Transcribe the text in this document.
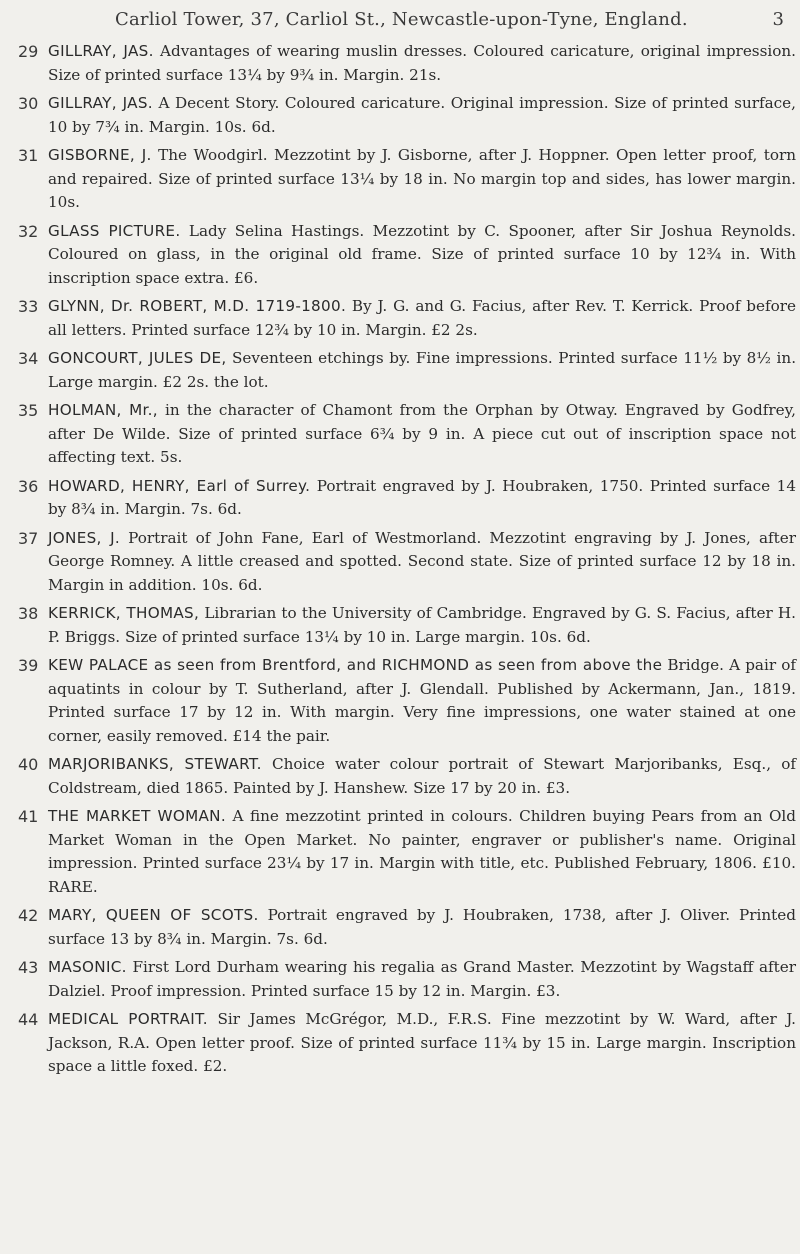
Carliol Tower, 37, Carliol St., Newcastle-upon-Tyne, England.	3
29 GILLRAY, JAS. Advantages of wearing muslin dresses. Coloured caricature, original impression. Size of printed surface 13¼ by 9¾ in. Margin. 21s.
30 GILLRAY, JAS. A Decent Story. Coloured caricature. Original impression. Size of printed surface, 10 by 7¾ in. Margin. 10s. 6d.
31 GISBORNE, J. The Woodgirl. Mezzotint by J. Gisborne, after J. Hoppner. Open letter proof, torn and repaired. Size of printed surface 13¼ by 18 in. No margin top and sides, has lower margin. 10s.
32 GLASS PICTURE. Lady Selina Hastings. Mezzotint by C. Spooner, after Sir Joshua Reynolds. Coloured on glass, in the original old frame. Size of printed surface 10 by 12¾ in. With inscription space extra. £6.
33 GLYNN, Dr. ROBERT, M.D. 1719-1800. By J. G. and G. Facius, after Rev. T. Kerrick. Proof before all letters. Printed surface 12¾ by 10 in. Margin. £2 2s.
34 GONCOURT, JULES DE, Seventeen etchings by. Fine impressions. Printed surface 11½ by 8½ in. Large margin. £2 2s. the lot.
35 HOLMAN, Mr., in the character of Chamont from the Orphan by Otway. Engraved by Godfrey, after De Wilde. Size of printed surface 6¾ by 9 in. A piece cut out of inscription space not affecting text. 5s.
36 HOWARD, HENRY, Earl of Surrey. Portrait engraved by J. Houbraken, 1750. Printed surface 14 by 8¾ in. Margin. 7s. 6d.
37 JONES, J. Portrait of John Fane, Earl of Westmorland. Mezzotint engraving by J. Jones, after George Romney. A little creased and spotted. Second state. Size of printed surface 12 by 18 in. Margin in addition. 10s. 6d.
38 KERRICK, THOMAS, Librarian to the University of Cambridge. Engraved by G. S. Facius, after H. P. Briggs. Size of printed surface 13¼ by 10 in. Large margin. 10s. 6d.
39 KEW PALACE as seen from Brentford, and RICHMOND as seen from above the Bridge. A pair of aquatints in colour by T. Sutherland, after J. Glendall. Published by Ackermann, Jan., 1819. Printed surface 17 by 12 in. With margin. Very fine impressions, one water stained at one corner, easily removed. £14 the pair.
40 MARJORIBANKS, STEWART. Choice water colour portrait of Stewart Marjoribanks, Esq., of Coldstream, died 1865. Painted by J. Hanshew. Size 17 by 20 in. £3.
41 THE MARKET WOMAN. A fine mezzotint printed in colours. Children buying Pears from an Old Market Woman in the Open Market. No painter, engraver or publisher's name. Original impression. Printed surface 23¼ by 17 in. Margin with title, etc. Published February, 1806. £10. RARE.
42 MARY, QUEEN OF SCOTS. Portrait engraved by J. Houbraken, 1738, after J. Oliver. Printed surface 13 by 8¾ in. Margin. 7s. 6d.
43 MASONIC. First Lord Durham wearing his regalia as Grand Master. Mezzotint by Wagstaff after Dalziel. Proof impression. Printed surface 15 by 12 in. Margin. £3.
44 MEDICAL PORTRAIT. Sir James McGrégor, M.D., F.R.S. Fine mezzotint by W. Ward, after J. Jackson, R.A. Open letter proof. Size of printed surface 11¾ by 15 in. Large margin. Inscription space a little foxed. £2.
